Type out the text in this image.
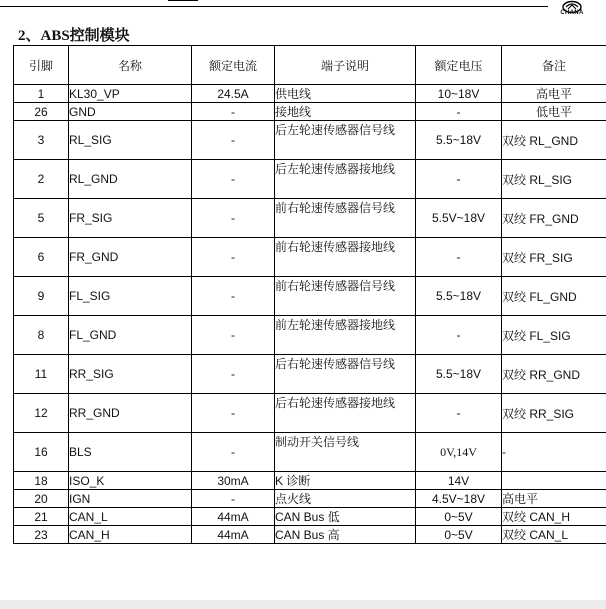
CHANA
2、ABS控制模块
引脚	名称	额定电流	端子说明	额定电压	备注
1	KL30_VP	24.5A	供电线	10~18V	高电平
26	GND	-	接地线	-	低电平
3	RL_SIG	-	后左轮速传感器信号线	5.5~18V	双绞 RL_GND
2	RL_GND	-	后左轮速传感器接地线	-	双绞 RL_SIG
5	FR_SIG	-	前右轮速传感器信号线	5.5V~18V	双绞 FR_GND
6	FR_GND	-	前右轮速传感器接地线	-	双绞 FR_SIG
9	FL_SIG	-	前右轮速传感器信号线	5.5~18V	双绞 FL_GND
8	FL_GND	-	前左轮速传感器接地线	-	双绞 FL_SIG
11	RR_SIG	-	后右轮速传感器信号线	5.5~18V	双绞 RR_GND
12	RR_GND	-	后右轮速传感器接地线	-	双绞 RR_SIG
16	BLS	-	制动开关信号线	0V,14V	-
18	ISO_K	30mA	K 诊断	14V	
20	IGN	-	点火线	4.5V~18V	高电平
21	CAN_L	44mA	CAN Bus 低	0~5V	双绞 CAN_H
23	CAN_H	44mA	CAN Bus 高	0~5V	双绞 CAN_L
